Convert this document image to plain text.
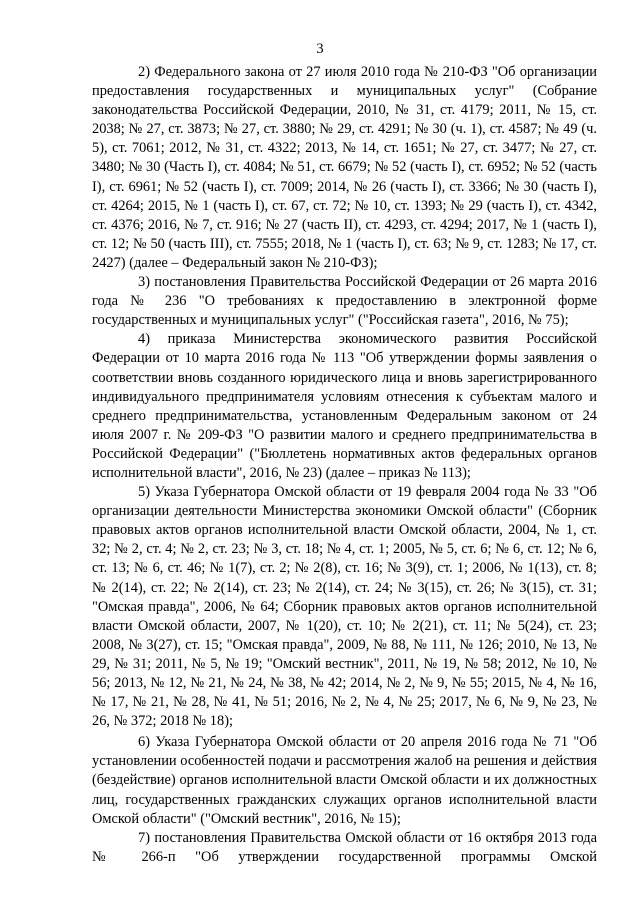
3

2) Федерального закона от 27 июля 2010 года № 210-ФЗ "Об организации предоставления государственных и муниципальных услуг" (Собрание законодательства Российской Федерации, 2010, № 31, ст. 4179; 2011, № 15, ст. 2038; № 27, ст. 3873; № 27, ст. 3880; № 29, ст. 4291; № 30 (ч. 1), ст. 4587; № 49 (ч. 5), ст. 7061; 2012, № 31, ст. 4322; 2013, № 14, ст. 1651; № 27, ст. 3477; № 27, ст. 3480; № 30 (Часть I), ст. 4084; № 51, ст. 6679; № 52 (часть I), ст. 6952; № 52 (часть I), ст. 6961; № 52 (часть I), ст. 7009; 2014, № 26 (часть I), ст. 3366; № 30 (часть I), ст. 4264; 2015, № 1 (часть I), ст. 67, ст. 72; № 10, ст. 1393; № 29 (часть I), ст. 4342, ст. 4376; 2016, № 7, ст. 916; № 27 (часть II), ст. 4293, ст. 4294; 2017, № 1 (часть I), ст. 12; № 50 (часть III), ст. 7555; 2018, № 1 (часть I), ст. 63; № 9, ст. 1283; № 17, ст. 2427) (далее – Федеральный закон № 210-ФЗ);

3) постановления Правительства Российской Федерации от 26 марта 2016 года № 236 "О требованиях к предоставлению в электронной форме государственных и муниципальных услуг" ("Российская газета", 2016, № 75);

4) приказа Министерства экономического развития Российской Федерации от 10 марта 2016 года № 113 "Об утверждении формы заявления о соответствии вновь созданного юридического лица и вновь зарегистрированного индивидуального предпринимателя условиям отнесения к субъектам малого и среднего предпринимательства, установленным Федеральным законом от 24 июля 2007 г. № 209-ФЗ "О развитии малого и среднего предпринимательства в Российской Федерации" ("Бюллетень нормативных актов федеральных органов исполнительной власти", 2016, № 23) (далее – приказ № 113);

5) Указа Губернатора Омской области от 19 февраля 2004 года № 33 "Об организации деятельности Министерства экономики Омской области" (Сборник правовых актов органов исполнительной власти Омской области, 2004, № 1, ст. 32; № 2, ст. 4; № 2, ст. 23; № 3, ст. 18; № 4, ст. 1; 2005, № 5, ст. 6; № 6, ст. 12; № 6, ст. 13; № 6, ст. 46; № 1(7), ст. 2; № 2(8), ст. 16; № 3(9), ст. 1; 2006, № 1(13), ст. 8; № 2(14), ст. 22; № 2(14), ст. 23; № 2(14), ст. 24; № 3(15), ст. 26; № 3(15), ст. 31; "Омская правда", 2006, № 64; Сборник правовых актов органов исполнительной власти Омской области, 2007, № 1(20), ст. 10; № 2(21), ст. 11; № 5(24), ст. 23; 2008, № 3(27), ст. 15; "Омская правда", 2009, № 88, № 111, № 126; 2010, № 13, № 29, № 31; 2011, № 5, № 19; "Омский вестник", 2011, № 19, № 58; 2012, № 10, № 56; 2013, № 12, № 21, № 24, № 38, № 42; 2014, № 2, № 9, № 55; 2015, № 4, № 16, № 17, № 21, № 28, № 41, № 51; 2016, № 2, № 4, № 25; 2017, № 6, № 9, № 23, № 26, № 372; 2018 № 18);

6) Указа Губернатора Омской области от 20 апреля 2016 года № 71 "Об установлении особенностей подачи и рассмотрения жалоб на решения и действия (бездействие) органов исполнительной власти Омской области и их должностных лиц, государственных гражданских служащих органов исполнительной власти Омской области" ("Омский вестник", 2016, № 15);

7) постановления Правительства Омской области от 16 октября 2013 года № 266-п "Об утверждении государственной программы Омской
